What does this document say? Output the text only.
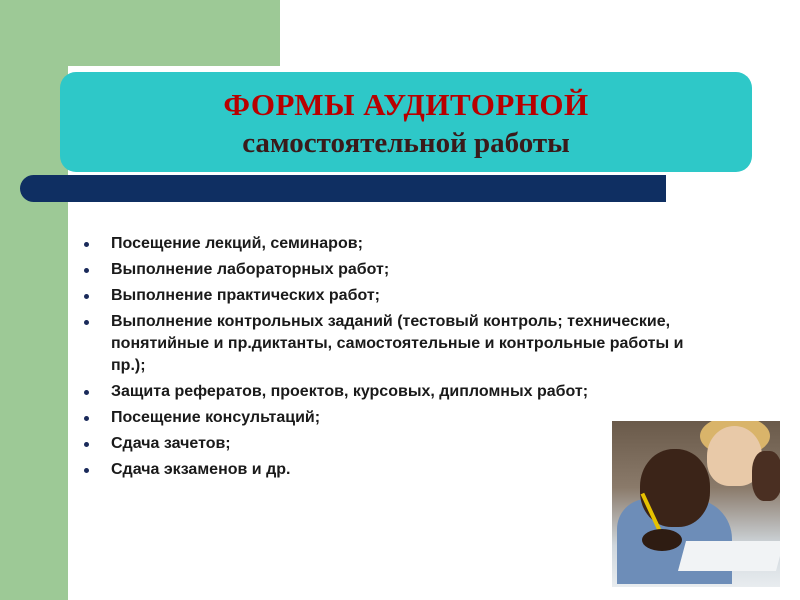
ФОРМЫ АУДИТОРНОЙ
самостоятельной работы
Посещение лекций, семинаров;
Выполнение лабораторных работ;
Выполнение практических работ;
Выполнение контрольных заданий (тестовый контроль; технические, понятийные и пр.диктанты, самостоятельные и контрольные работы и пр.);
Защита рефератов, проектов, курсовых, дипломных работ;
Посещение консультаций;
Сдача зачетов;
Сдача экзаменов и др.
